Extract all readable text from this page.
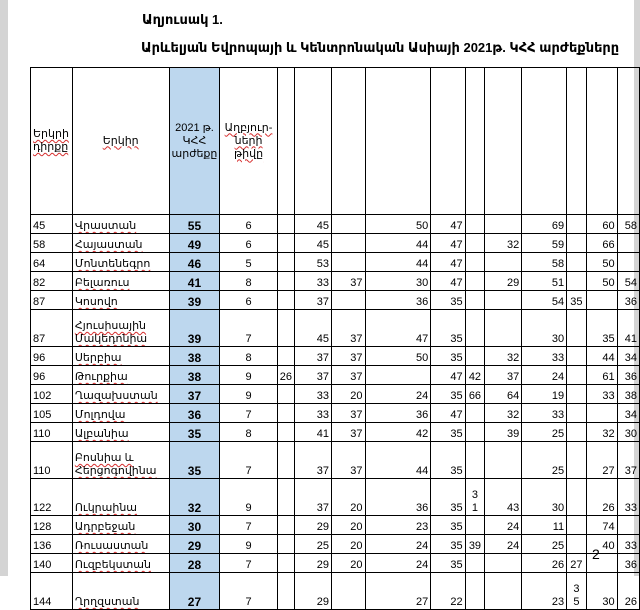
Աղյուսակ 1.
Արևելյան Եվրոպայի և Կենտրոնական Ասիայի 2021թ. ԿՀՀ արժեքները
Երկրի դիրքը	Երկիր	2021 թ. ԿՀՀ արժեքը	Աղբյուր-ների թիվը											
45	Վրաստան	55	6		45		50	47			69		60	58
58	Հայաստան	49	6		45		44	47		32	59		66	
64	Մոնտենեգրո	46	5		53		44	47			58		50	
82	Բելառուս	41	8		33	37	30	47		29	51		50	54
87	Կոսովո	39	6		37		36	35			54	35		36
87	Հյուսիսային Մակեդոնիա	39	7		45	37	47	35			30		35	41
96	Սերբիա	38	8		37	37	50	35		32	33		44	34
96	Թուրքիա	38	9	26	37	37		47	42	37	24		61	36
102	Ղազախստան	37	9		33	20	24	35	66	64	19		33	38
105	Մոլդովա	36	7		33	37	36	47		32	33			34
110	Ալբանիա	35	8		41	37	42	35		39	25		32	30
110	Բոսնիա և Հերցոգովինա	35	7		37	37	44	35			25		27	37
122	Ուկրաինա	32	9		37	20	36	35	3 1	43	30		26	33
128	Ադրբեջան	30	7		29	20	23	35		24	11		74	
136	Ռուսաստան	29	9		25	20	24	35	39	24	25		40	33
140	Ուզբեկստան	28	7		29	20	24	35			26	27		36
144	Ղրղզստան	27	7		29		27	22			23	3 5	30	26
2
